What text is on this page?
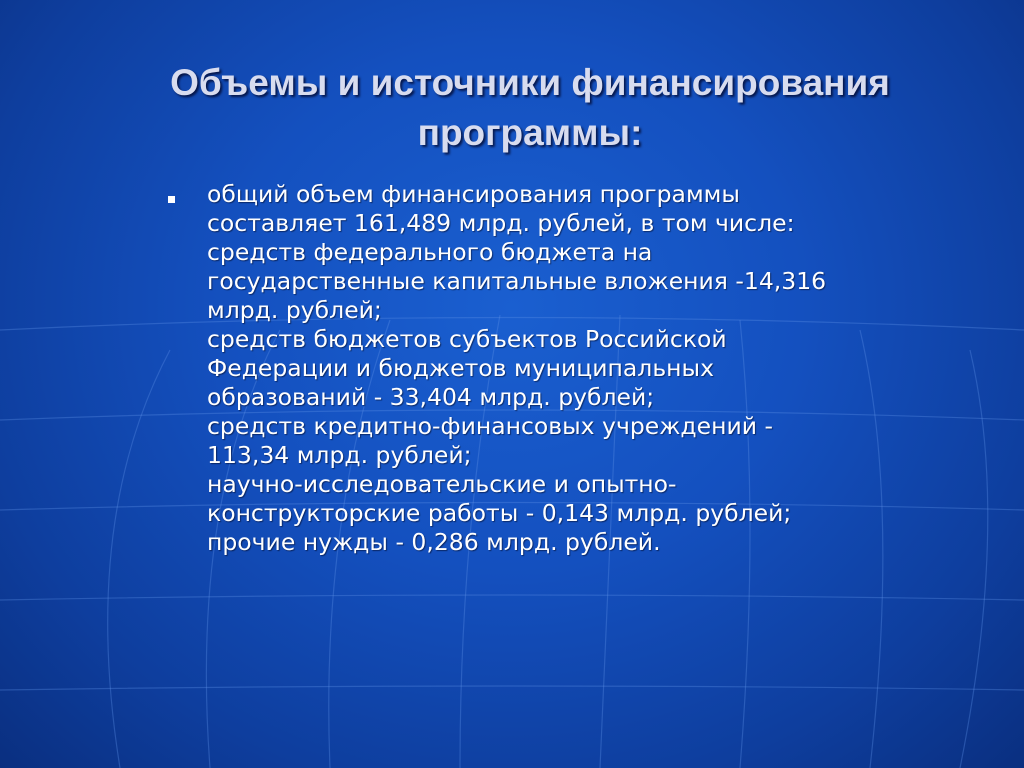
Объемы и источники финансирования
программы:
общий объем финансирования программы
составляет 161,489 млрд. рублей, в том числе:
средств федерального бюджета на
государственные капитальные вложения -14,316
млрд. рублей;
средств бюджетов субъектов Российской
Федерации и бюджетов муниципальных
образований - 33,404 млрд. рублей;
средств кредитно-финансовых учреждений -
113,34 млрд. рублей;
научно-исследовательские и опытно-
конструкторские работы - 0,143 млрд. рублей;
прочие нужды - 0,286 млрд. рублей.
